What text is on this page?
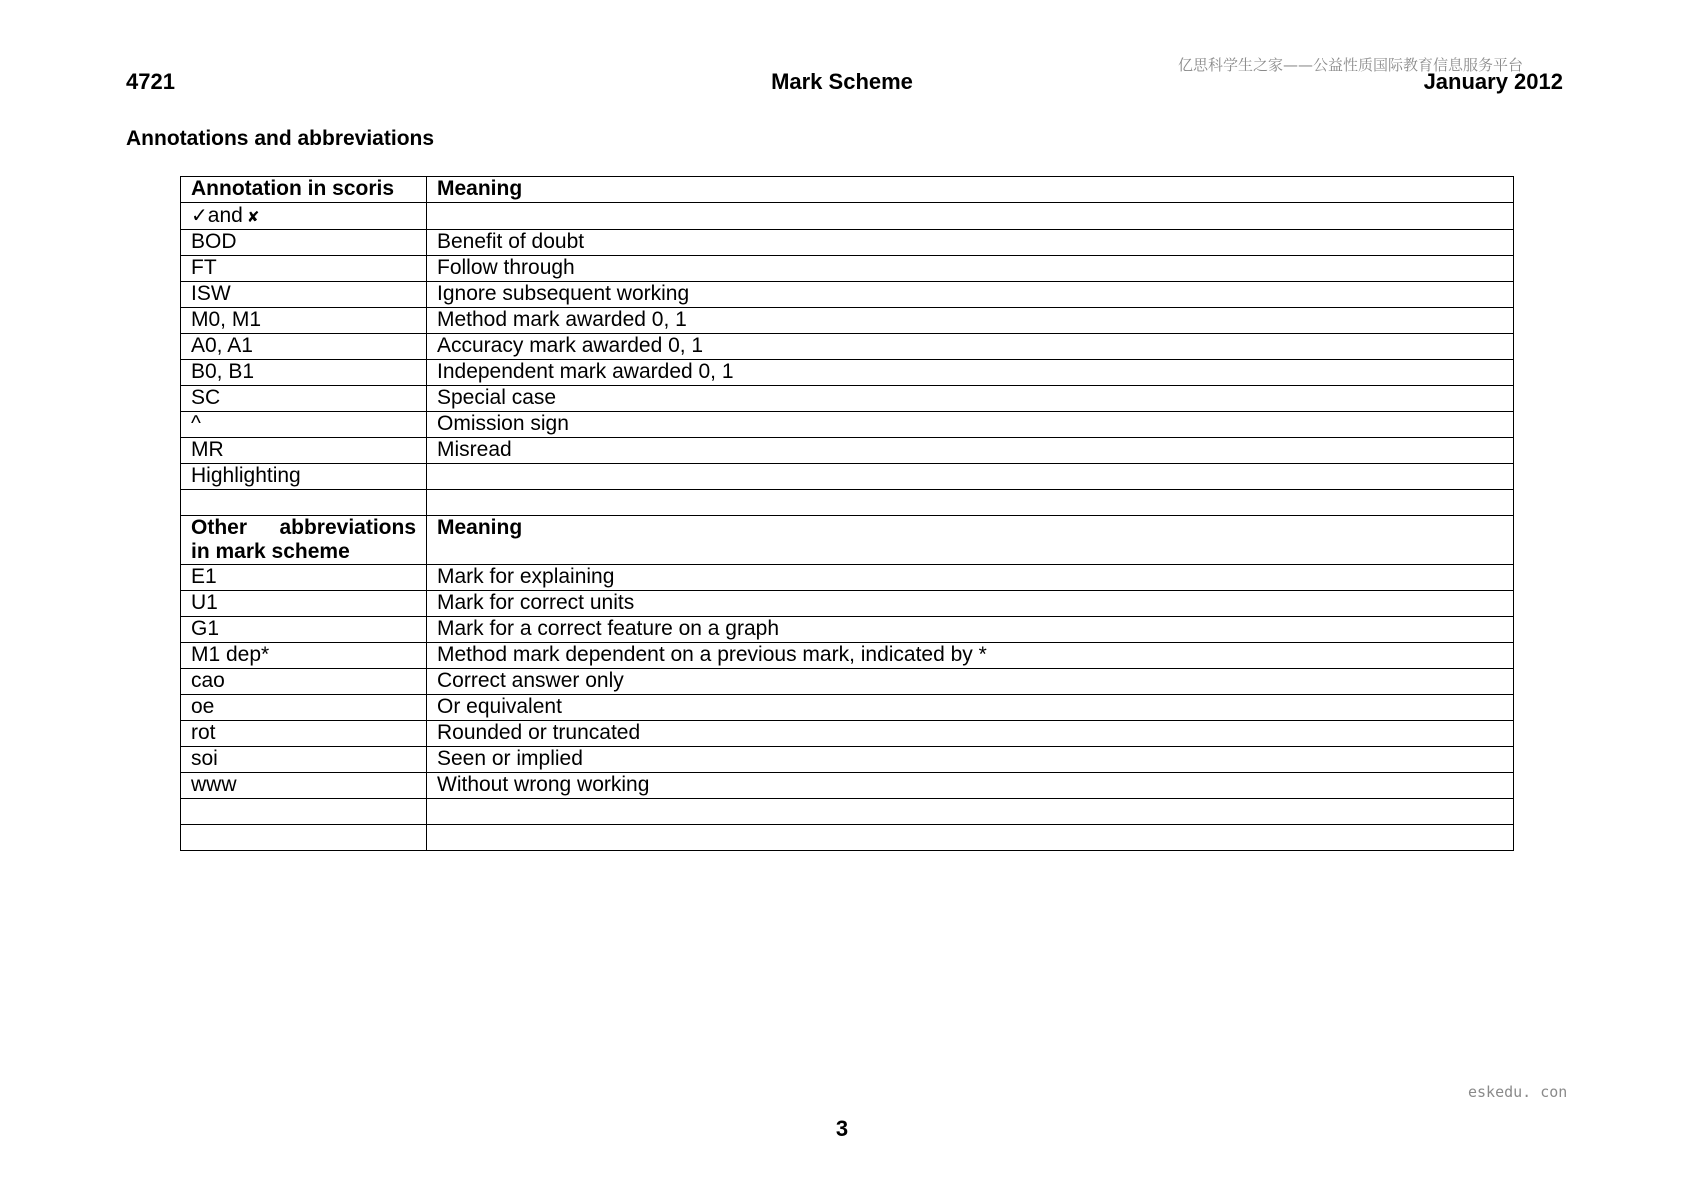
亿思科学生之家——公益性质国际教育信息服务平台
4721	Mark Scheme	January 2012
Annotations and abbreviations
Annotation in scoris	Meaning
✓and ✘	
BOD	Benefit of doubt
FT	Follow through
ISW	Ignore subsequent working
M0, M1	Method mark awarded 0, 1
A0, A1	Accuracy mark awarded 0, 1
B0, B1	Independent mark awarded 0, 1
SC	Special case
^	Omission sign
MR	Misread
Highlighting	

Other abbreviations
in mark scheme	Meaning
E1	Mark for explaining
U1	Mark for correct units
G1	Mark for a correct feature on a graph
M1 dep*	Method mark dependent on a previous mark, indicated by *
cao	Correct answer only
oe	Or equivalent
rot	Rounded or truncated
soi	Seen or implied
www	Without wrong working

eskedu. con
3
